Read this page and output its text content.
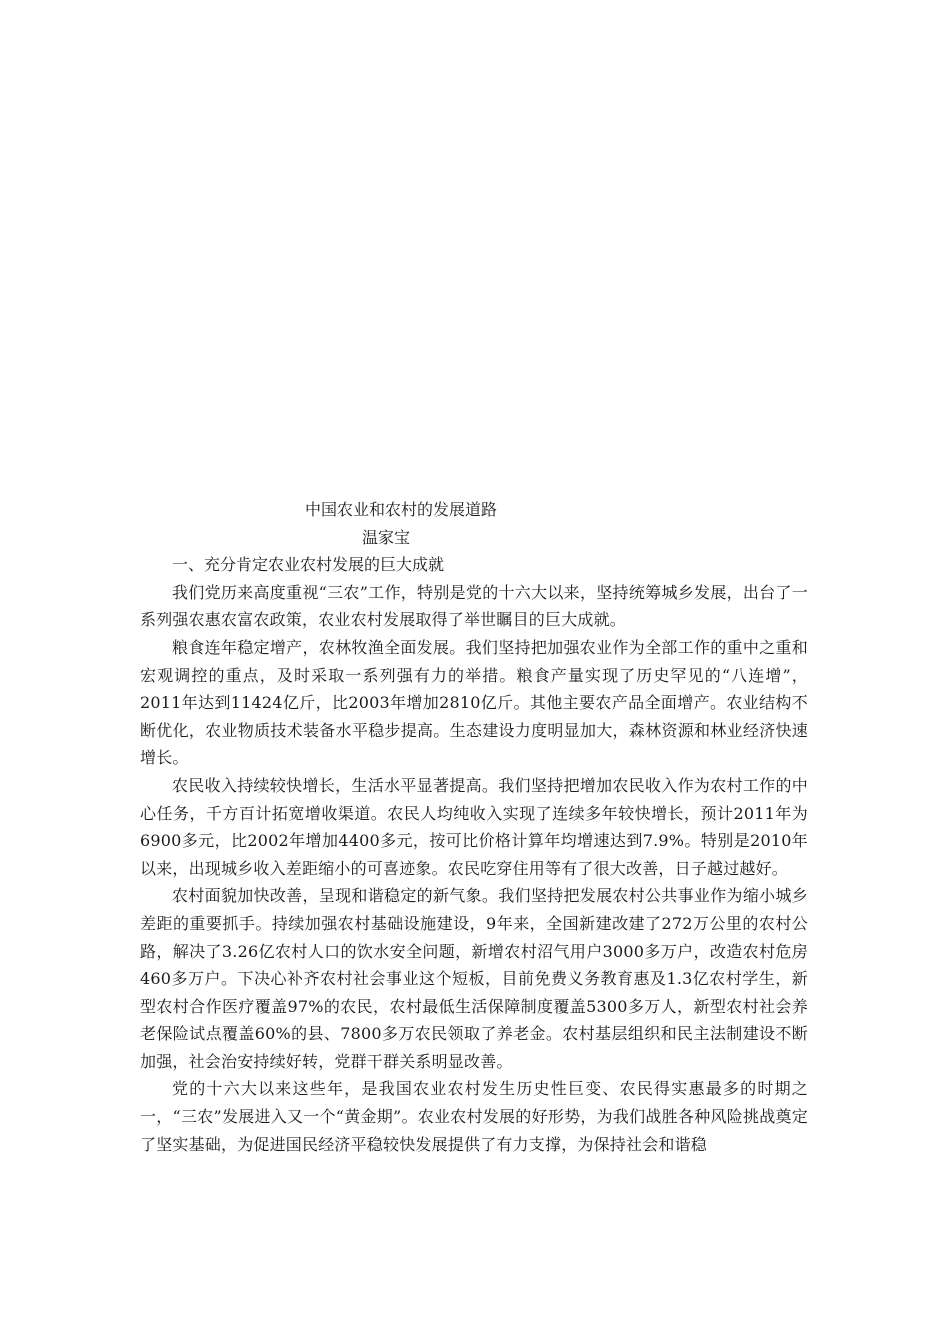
中国农业和农村的发展道路
温家宝
一、充分肯定农业农村发展的巨大成就

我们党历来高度重视“三农”工作，特别是党的十六大以来，坚持统筹城乡发展，出台了一系列强农惠农富农政策，农业农村发展取得了举世瞩目的巨大成就。

粮食连年稳定增产，农林牧渔全面发展。我们坚持把加强农业作为全部工作的重中之重和宏观调控的重点，及时采取一系列强有力的举措。粮食产量实现了历史罕见的“八连增”，2011年达到11424亿斤，比2003年增加2810亿斤。其他主要农产品全面增产。农业结构不断优化，农业物质技术装备水平稳步提高。生态建设力度明显加大，森林资源和林业经济快速增长。

农民收入持续较快增长，生活水平显著提高。我们坚持把增加农民收入作为农村工作的中心任务，千方百计拓宽增收渠道。农民人均纯收入实现了连续多年较快增长，预计2011年为6900多元，比2002年增加4400多元，按可比价格计算年均增速达到7.9%。特别是2010年以来，出现城乡收入差距缩小的可喜迹象。农民吃穿住用等有了很大改善，日子越过越好。

农村面貌加快改善，呈现和谐稳定的新气象。我们坚持把发展农村公共事业作为缩小城乡差距的重要抓手。持续加强农村基础设施建设，9年来，全国新建改建了272万公里的农村公路，解决了3.26亿农村人口的饮水安全问题，新增农村沼气用户3000多万户，改造农村危房460多万户。下决心补齐农村社会事业这个短板，目前免费义务教育惠及1.3亿农村学生，新型农村合作医疗覆盖97%的农民，农村最低生活保障制度覆盖5300多万人，新型农村社会养老保险试点覆盖60%的县、7800多万农民领取了养老金。农村基层组织和民主法制建设不断加强，社会治安持续好转，党群干群关系明显改善。

党的十六大以来这些年，是我国农业农村发生历史性巨变、农民得实惠最多的时期之一，“三农”发展进入又一个“黄金期”。农业农村发展的好形势，为我们战胜各种风险挑战奠定了坚实基础，为促进国民经济平稳较快发展提供了有力支撑，为保持社会和谐稳
